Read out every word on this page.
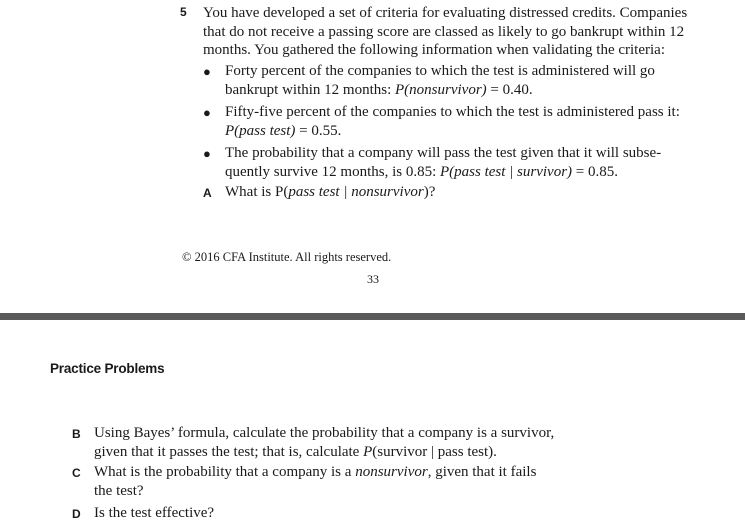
5 You have developed a set of criteria for evaluating distressed credits. Companies
that do not receive a passing score are classed as likely to go bankrupt within 12
months. You gathered the following information when validating the criteria:
● Forty percent of the companies to which the test is administered will go
bankrupt within 12 months: P(nonsurvivor) = 0.40.
● Fifty-five percent of the companies to which the test is administered pass it:
P(pass test) = 0.55.
● The probability that a company will pass the test given that it will subse-
quently survive 12 months, is 0.85: P(pass test | survivor) = 0.85.
A What is P(pass test | nonsurvivor)?
© 2016 CFA Institute. All rights reserved.
33
Practice Problems
B Using Bayes’ formula, calculate the probability that a company is a survivor,
given that it passes the test; that is, calculate P(survivor | pass test).
C What is the probability that a company is a nonsurvivor, given that it fails
the test?
D Is the test effective?
